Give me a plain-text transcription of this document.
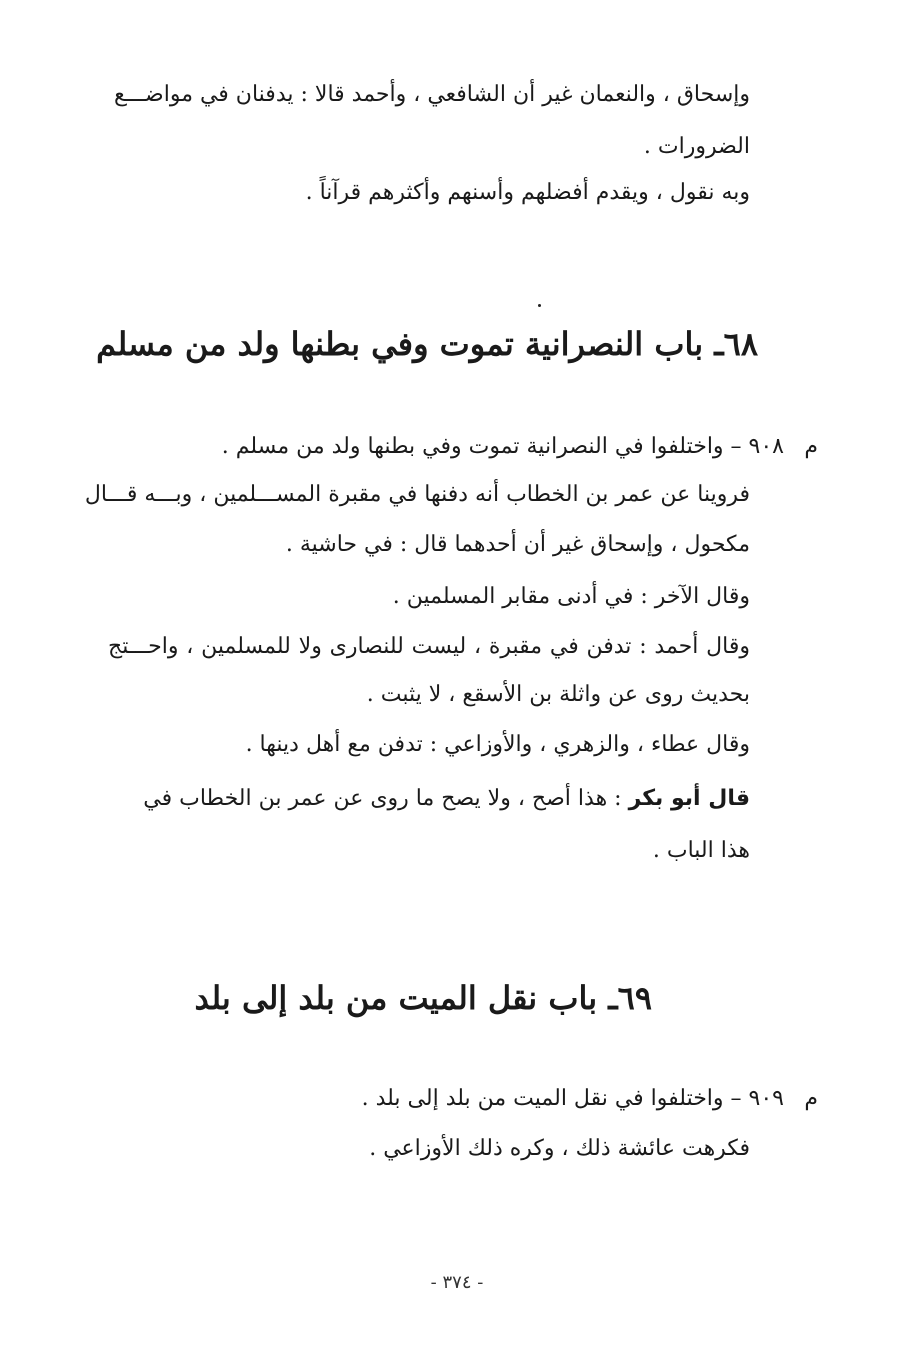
وإسحاق ، والنعمان غير أن الشافعي ، وأحمد قالا : يدفنان في مواضـــع
الضرورات .
وبه نقول ، ويقدم أفضلهم وأسنهم وأكثرهم قرآناً .
٦٨ـ باب النصرانية تموت وفي بطنها ولد من مسلم
م
٩٠٨ – واختلفوا في النصرانية تموت وفي بطنها ولد من مسلم .
فروينا عن عمر بن الخطاب أنه دفنها في مقبرة المســـلمين ، وبـــه قـــال
مكحول ، وإسحاق غير أن أحدهما قال : في حاشية .
وقال الآخر : في أدنى مقابر المسلمين .
وقال أحمد : تدفن في مقبرة ، ليست للنصارى ولا للمسلمين ، واحـــتج
بحديث روى عن واثلة بن الأسقع ، لا يثبت .
وقال عطاء ، والزهري ، والأوزاعي : تدفن مع أهل دينها .
قال أبو بكر : هذا أصح ، ولا يصح ما روى عن عمر بن الخطاب في
هذا الباب .
٦٩ـ باب نقل الميت من بلد إلى بلد
م
٩٠٩ – واختلفوا في نقل الميت من بلد إلى بلد .
فكرهت عائشة ذلك ، وكره ذلك الأوزاعي .
- ٣٧٤ -
